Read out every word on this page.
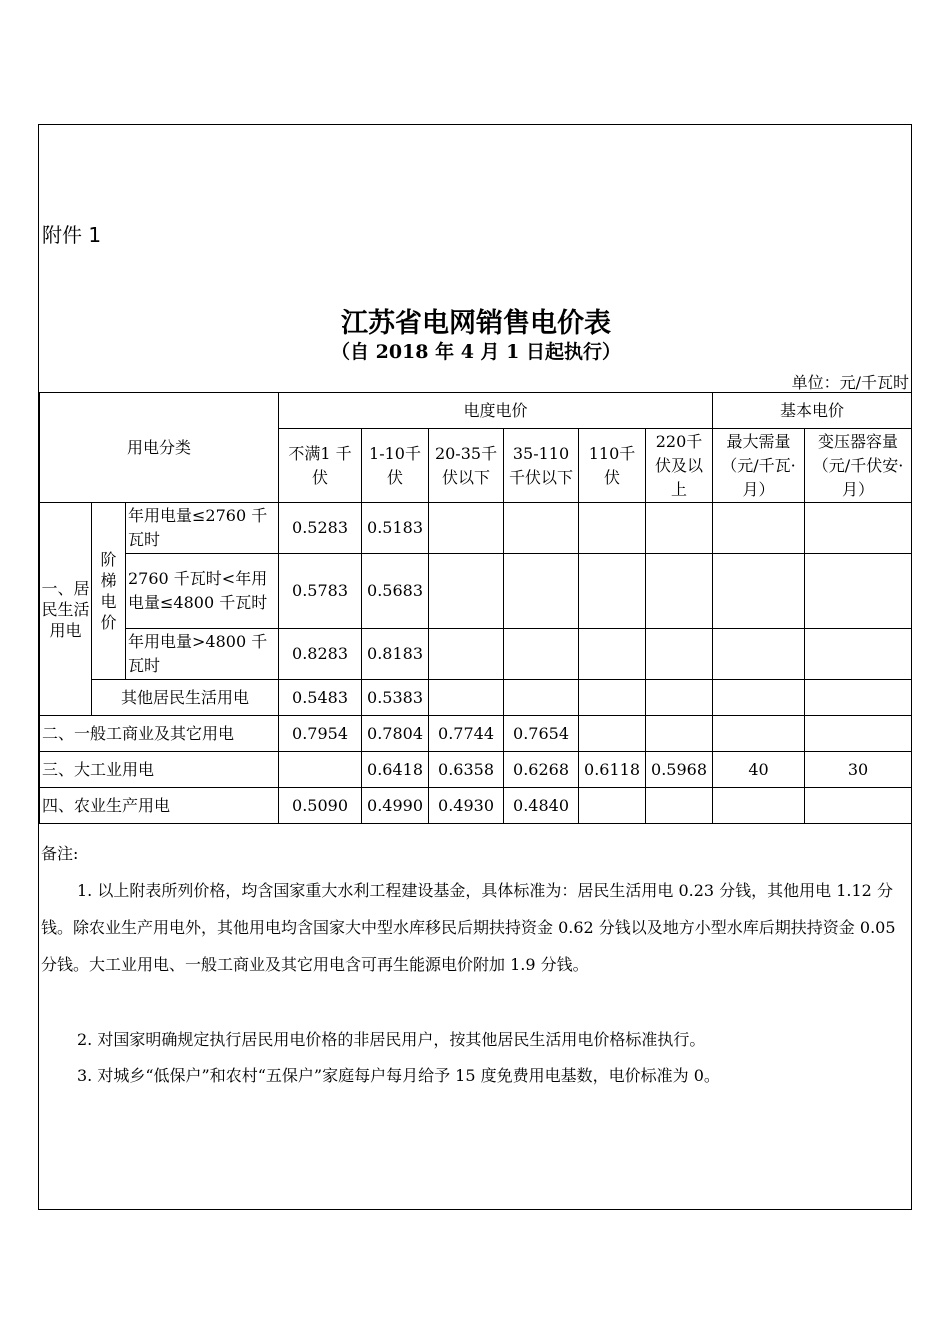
附件 1
江苏省电网销售电价表
（自 2018 年 4 月 1 日起执行）
单位：元/千瓦时
用电分类			电度电价						基本电价	
			不满1 千伏	1-10千伏	20-35千伏以下	35-110千伏以下	110千伏	220千伏及以上	最大需量（元/千瓦·月）	变压器容量（元/千伏安·月）
一、居民生活用电	阶梯电价	年用电量≤2760 千瓦时	0.5283	0.5183						
		2760 千瓦时<年用电量≤4800 千瓦时	0.5783	0.5683						
		年用电量>4800 千瓦时	0.8283	0.8183						
	其他居民生活用电		0.5483	0.5383						
二、一般工商业及其它用电			0.7954	0.7804	0.7744	0.7654				
三、大工业用电				0.6418	0.6358	0.6268	0.6118	0.5968	40	30
四、农业生产用电			0.5090	0.4990	0.4930	0.4840				
备注:
1. 以上附表所列价格，均含国家重大水利工程建设基金，具体标准为：居民生活用电 0.23 分钱，其他用电 1.12 分钱。除农业生产用电外，其他用电均含国家大中型水库移民后期扶持资金 0.62 分钱以及地方小型水库后期扶持资金 0.05 分钱。大工业用电、一般工商业及其它用电含可再生能源电价附加 1.9 分钱。
2. 对国家明确规定执行居民用电价格的非居民用户，按其他居民生活用电价格标准执行。
3. 对城乡“低保户”和农村“五保户”家庭每户每月给予 15 度免费用电基数，电价标准为 0。
